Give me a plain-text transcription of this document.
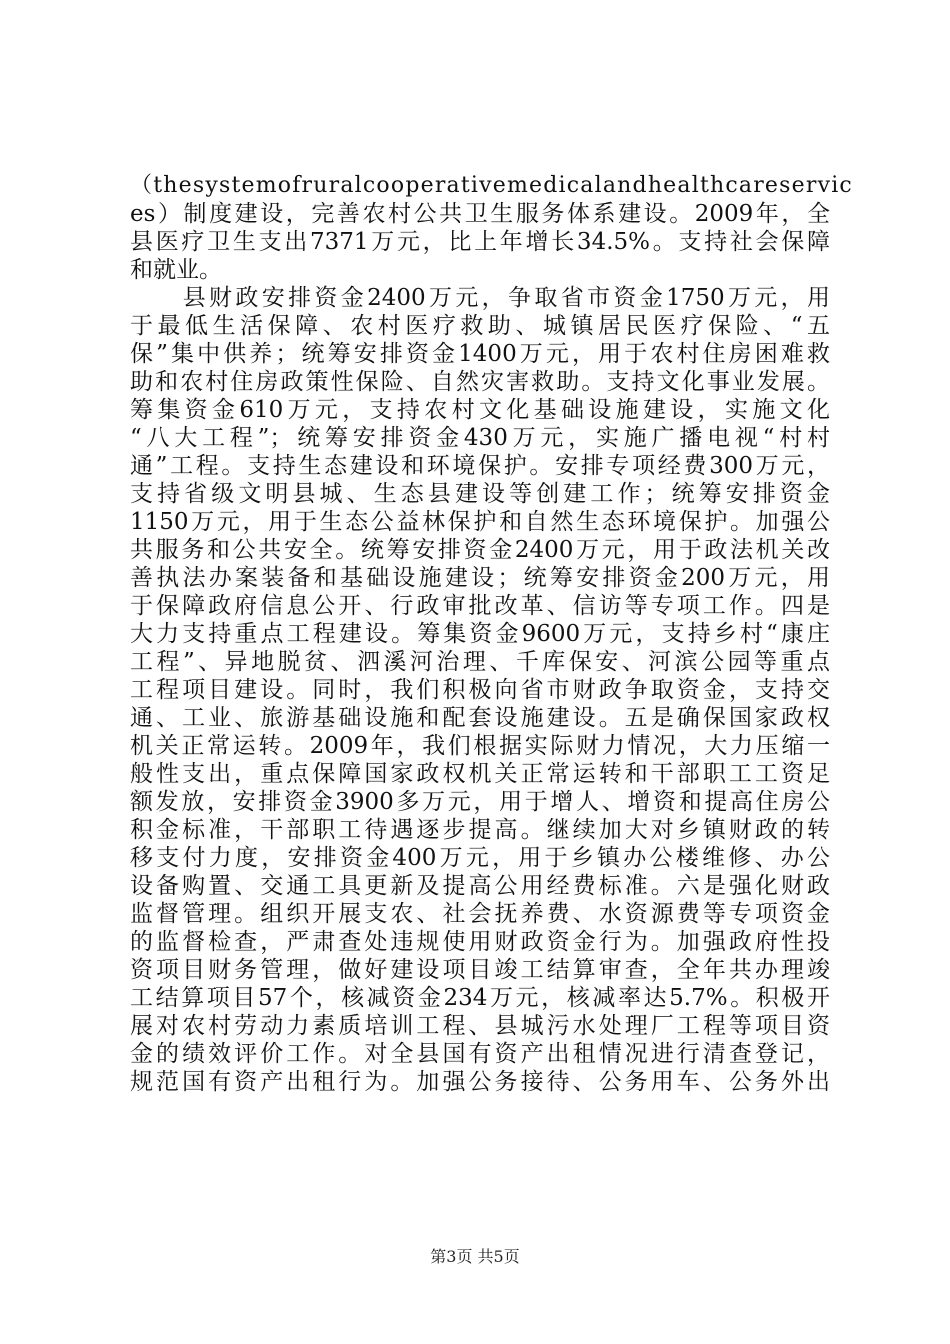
（thesystemofruralcooperativemedicalandhealthcareservic
es）制度建设，完善农村公共卫生服务体系建设。2009年，全
县医疗卫生支出7371万元，比上年增长34.5%。支持社会保障
和就业。
　　县财政安排资金2400万元，争取省市资金1750万元，用
于最低生活保障、农村医疗救助、城镇居民医疗保险、“五
保”集中供养；统筹安排资金1400万元，用于农村住房困难救
助和农村住房政策性保险、自然灾害救助。支持文化事业发展。
筹集资金610万元，支持农村文化基础设施建设，实施文化
“八大工程”；统筹安排资金430万元，实施广播电视“村村
通”工程。支持生态建设和环境保护。安排专项经费300万元，
支持省级文明县城、生态县建设等创建工作；统筹安排资金
1150万元，用于生态公益林保护和自然生态环境保护。加强公
共服务和公共安全。统筹安排资金2400万元，用于政法机关改
善执法办案装备和基础设施建设；统筹安排资金200万元，用
于保障政府信息公开、行政审批改革、信访等专项工作。四是
大力支持重点工程建设。筹集资金9600万元，支持乡村“康庄
工程”、异地脱贫、泗溪河治理、千库保安、河滨公园等重点
工程项目建设。同时，我们积极向省市财政争取资金，支持交
通、工业、旅游基础设施和配套设施建设。五是确保国家政权
机关正常运转。2009年，我们根据实际财力情况，大力压缩一
般性支出，重点保障国家政权机关正常运转和干部职工工资足
额发放，安排资金3900多万元，用于增人、增资和提高住房公
积金标准，干部职工待遇逐步提高。继续加大对乡镇财政的转
移支付力度，安排资金400万元，用于乡镇办公楼维修、办公
设备购置、交通工具更新及提高公用经费标准。六是强化财政
监督管理。组织开展支农、社会抚养费、水资源费等专项资金
的监督检查，严肃查处违规使用财政资金行为。加强政府性投
资项目财务管理，做好建设项目竣工结算审查，全年共办理竣
工结算项目57个，核减资金234万元，核减率达5.7%。积极开
展对农村劳动力素质培训工程、县城污水处理厂工程等项目资
金的绩效评价工作。对全县国有资产出租情况进行清查登记，
规范国有资产出租行为。加强公务接待、公务用车、公务外出
第3页 共5页
